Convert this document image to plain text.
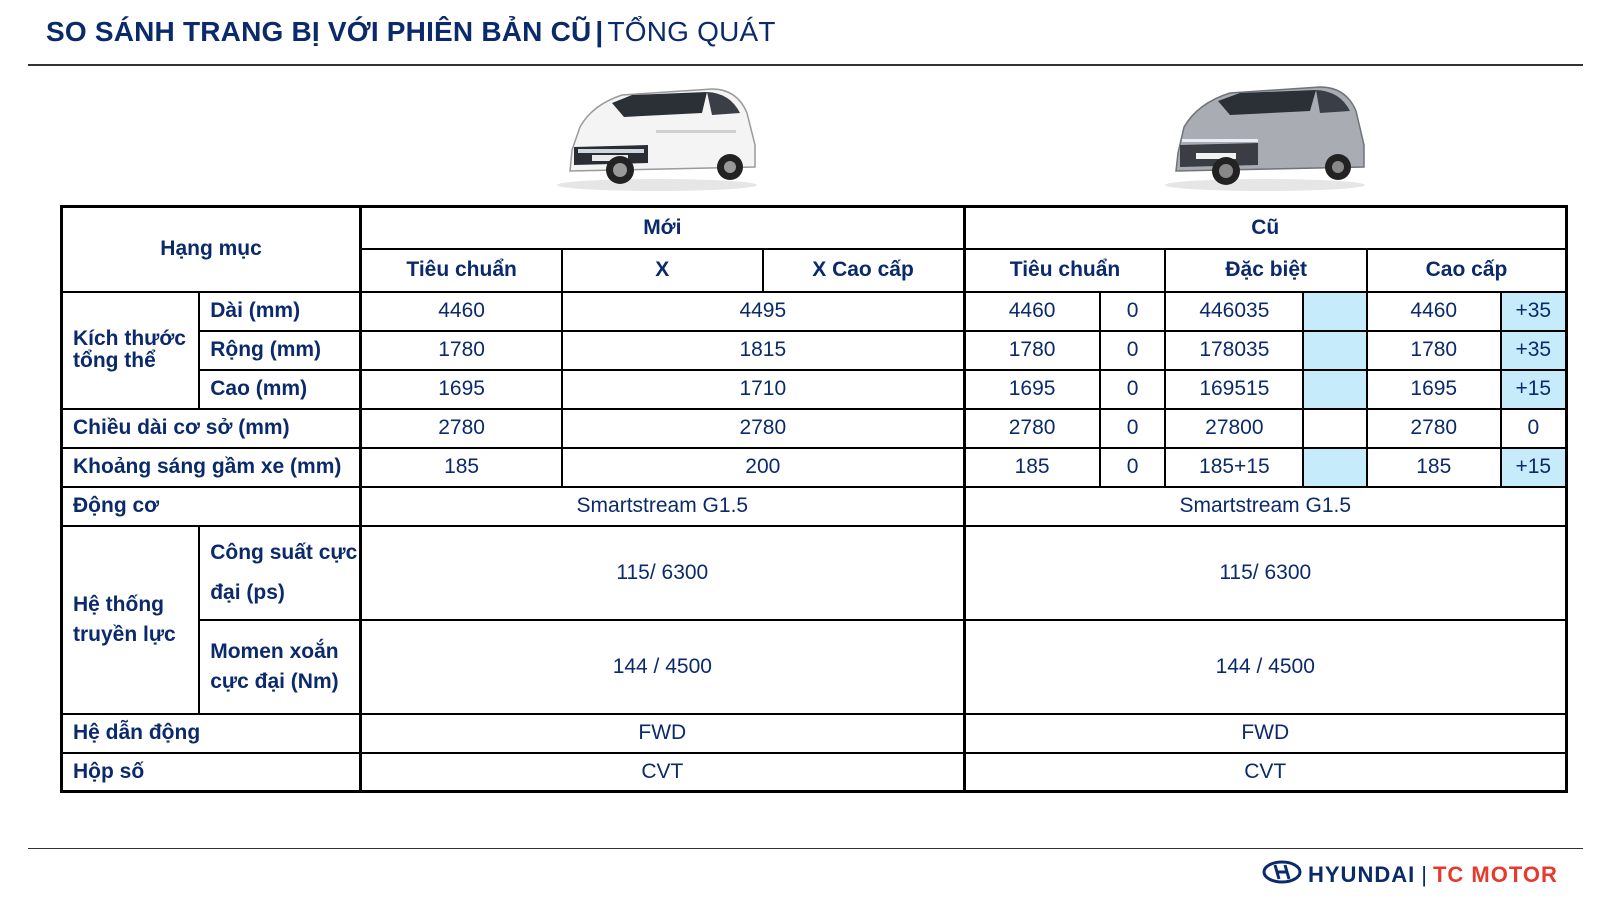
SO SÁNH TRANG BỊ VỚI PHIÊN BẢN CŨ | TỔNG QUÁT
Hạng mục		Mới			Cũ					
		Tiêu chuẩn	X	X Cao cấp	Tiêu chuẩn		Đặc biệt		Cao cấp	
Kích thước tổng thể	Dài (mm)	4460	4495		4460	0	446035		4460	+35
	Rộng (mm)	1780	1815		1780	0	178035		1780	+35
	Cao (mm)	1695	1710		1695	0	169515		1695	+15
Chiều dài cơ sở (mm)		2780	2780		2780	0	27800		2780	0
Khoảng sáng gầm xe (mm)		185	200		185	0	185+15		185	+15
Động cơ		Smartstream G1.5			Smartstream G1.5					
Hệ thống truyền lực	Công suất cực đại (ps)	115/ 6300			115/ 6300					
	Momen xoắn cực đại (Nm)	144 / 4500			144 / 4500					
Hệ dẫn động		FWD			FWD					
Hộp số		CVT			CVT					
HYUNDAI | TC MOTOR
